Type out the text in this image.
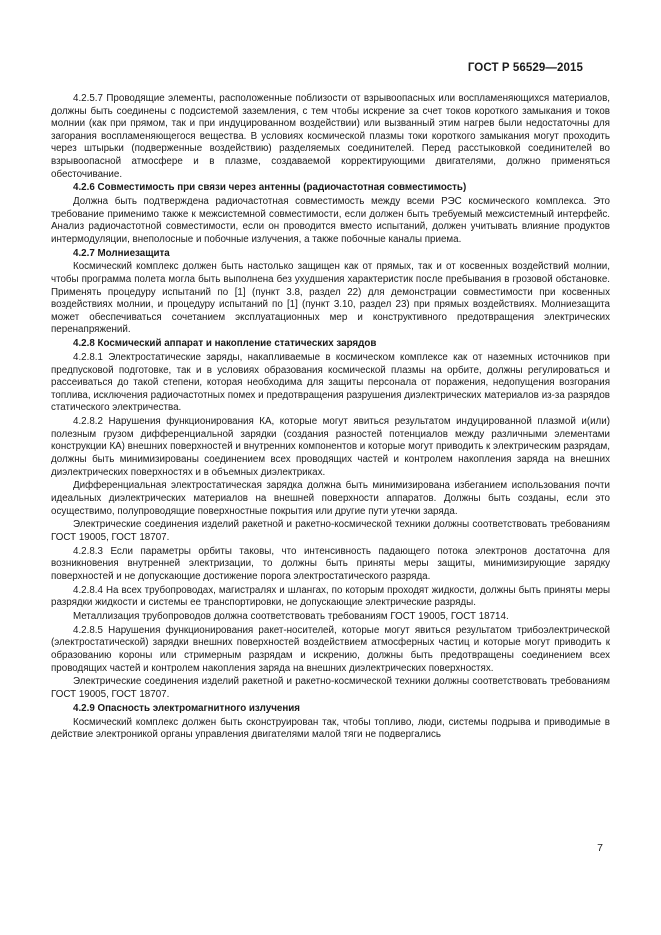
ГОСТ Р 56529—2015

4.2.5.7 Проводящие элементы, расположенные поблизости от взрывоопасных или воспламеняющихся материалов, должны быть соединены с подсистемой заземления, с тем чтобы искрение за счет токов короткого замыкания и токов молнии (как при прямом, так и при индуцированном воздействии) или вызванный этим нагрев были недостаточны для загорания воспламеняющегося вещества. В условиях космической плазмы токи короткого замыкания могут проходить через штырьки (подверженные воздействию) разделяемых соединителей. Перед расстыковкой соединителей во взрывоопасной атмосфере и в плазме, создаваемой корректирующими двигателями, должно применяться обесточивание.

4.2.6 Совместимость при связи через антенны (радиочастотная совместимость)

Должна быть подтверждена радиочастотная совместимость между всеми РЭС космического комплекса. Это требование применимо также к межсистемной совместимости, если должен быть требуемый межсистемный интерфейс. Анализ радиочастотной совместимости, если он проводится вместо испытаний, должен учитывать влияние продуктов интермодуляции, внеполосные и побочные излучения, а также побочные каналы приема.

4.2.7 Молниезащита

Космический комплекс должен быть настолько защищен как от прямых, так и от косвенных воздействий молнии, чтобы программа полета могла быть выполнена без ухудшения характеристик после пребывания в грозовой обстановке. Применять процедуру испытаний по [1] (пункт 3.8, раздел 22) для демонстрации совместимости при косвенных воздействиях молнии, и процедуру испытаний по [1] (пункт 3.10, раздел 23) при прямых воздействиях. Молниезащита может обеспечиваться сочетанием эксплуатационных мер и конструктивного предотвращения электрических перенапряжений.

4.2.8 Космический аппарат и накопление статических зарядов

4.2.8.1 Электростатические заряды, накапливаемые в космическом комплексе как от наземных источников при предпусковой подготовке, так и в условиях образования космической плазмы на орбите, должны регулироваться и рассеиваться до такой степени, которая необходима для защиты персонала от поражения, недопущения возгорания топлива, исключения радиочастотных помех и предотвращения разрушения диэлектрических материалов из-за разрядов статического электричества.

4.2.8.2 Нарушения функционирования КА, которые могут явиться результатом индуцированной плазмой и(или) полезным грузом дифференциальной зарядки (создания разностей потенциалов между различными элементами конструкции КА) внешних поверхностей и внутренних компонентов и которые могут приводить к электрическим разрядам, должны быть минимизированы соединением всех проводящих частей и контролем накопления заряда на внешних диэлектрических поверхностях и в объемных диэлектриках.

Дифференциальная электростатическая зарядка должна быть минимизирована избеганием использования почти идеальных диэлектрических материалов на внешней поверхности аппаратов. Должны быть созданы, если это осуществимо, полупроводящие поверхностные покрытия или другие пути утечки заряда.

Электрические соединения изделий ракетной и ракетно-космической техники должны соответствовать требованиям ГОСТ 19005, ГОСТ 18707.

4.2.8.3 Если параметры орбиты таковы, что интенсивность падающего потока электронов достаточна для возникновения внутренней электризации, то должны быть приняты меры защиты, минимизирующие зарядку поверхностей и не допускающие достижение порога электростатического разряда.

4.2.8.4 На всех трубопроводах, магистралях и шлангах, по которым проходят жидкости, должны быть приняты меры разрядки жидкости и системы ее транспортировки, не допускающие электрические разряды.

Металлизация трубопроводов должна соответствовать требованиям ГОСТ 19005, ГОСТ 18714.

4.2.8.5 Нарушения функционирования ракет-носителей, которые могут явиться результатом трибоэлектрической (электростатической) зарядки внешних поверхностей воздействием атмосферных частиц и которые могут приводить к образованию короны или стримерным разрядам и искрению, должны быть предотвращены соединением всех проводящих частей и контролем накопления заряда на внешних диэлектрических поверхностях.

Электрические соединения изделий ракетной и ракетно-космической техники должны соответствовать требованиям ГОСТ 19005, ГОСТ 18707.

4.2.9 Опасность электромагнитного излучения

Космический комплекс должен быть сконструирован так, чтобы топливо, люди, системы подрыва и приводимые в действие электроникой органы управления двигателями малой тяги не подвергались

7
